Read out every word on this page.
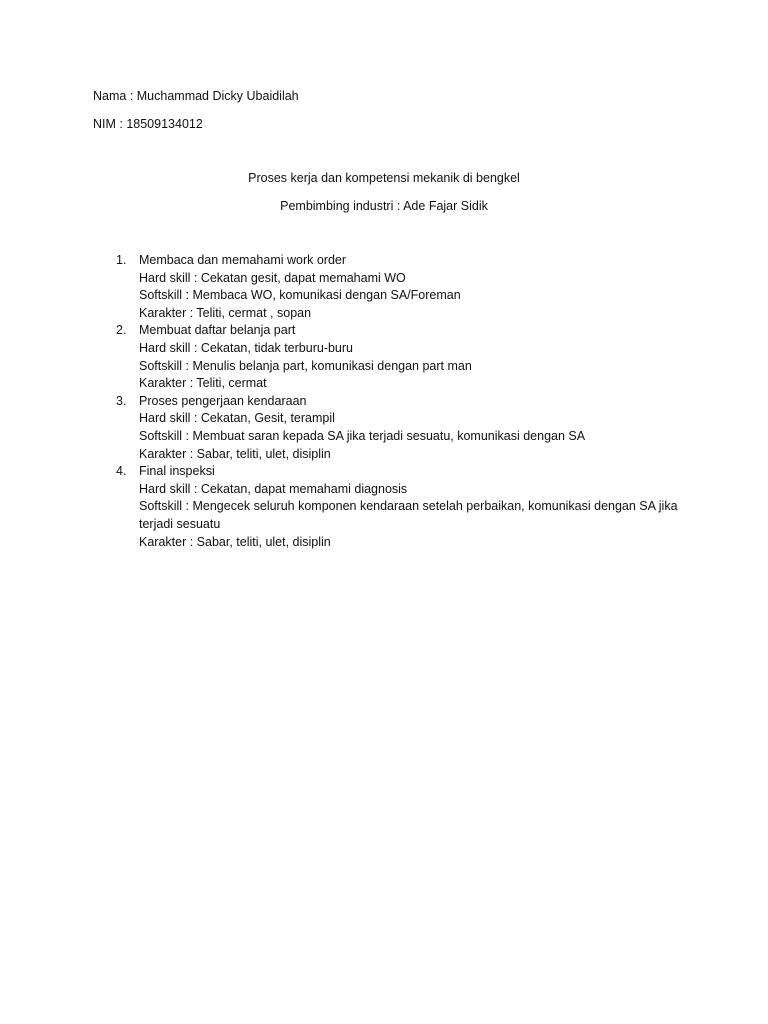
Nama : Muchammad Dicky Ubaidilah
NIM : 18509134012
Proses kerja dan kompetensi mekanik di bengkel
Pembimbing industri : Ade Fajar Sidik
1.	Membaca dan memahami work order
Hard skill : Cekatan gesit, dapat memahami WO
Softskill : Membaca WO, komunikasi dengan SA/Foreman
Karakter : Teliti, cermat , sopan
2.	Membuat daftar belanja part
Hard skill : Cekatan, tidak terburu-buru
Softskill : Menulis belanja part, komunikasi dengan part man
Karakter : Teliti, cermat
3.	Proses pengerjaan kendaraan
Hard skill : Cekatan, Gesit, terampil
Softskill : Membuat saran kepada SA jika terjadi sesuatu, komunikasi dengan SA
Karakter : Sabar, teliti, ulet, disiplin
4.	Final inspeksi
Hard skill : Cekatan, dapat memahami diagnosis
Softskill : Mengecek seluruh komponen kendaraan setelah perbaikan, komunikasi dengan SA jika terjadi sesuatu
Karakter : Sabar, teliti, ulet, disiplin
